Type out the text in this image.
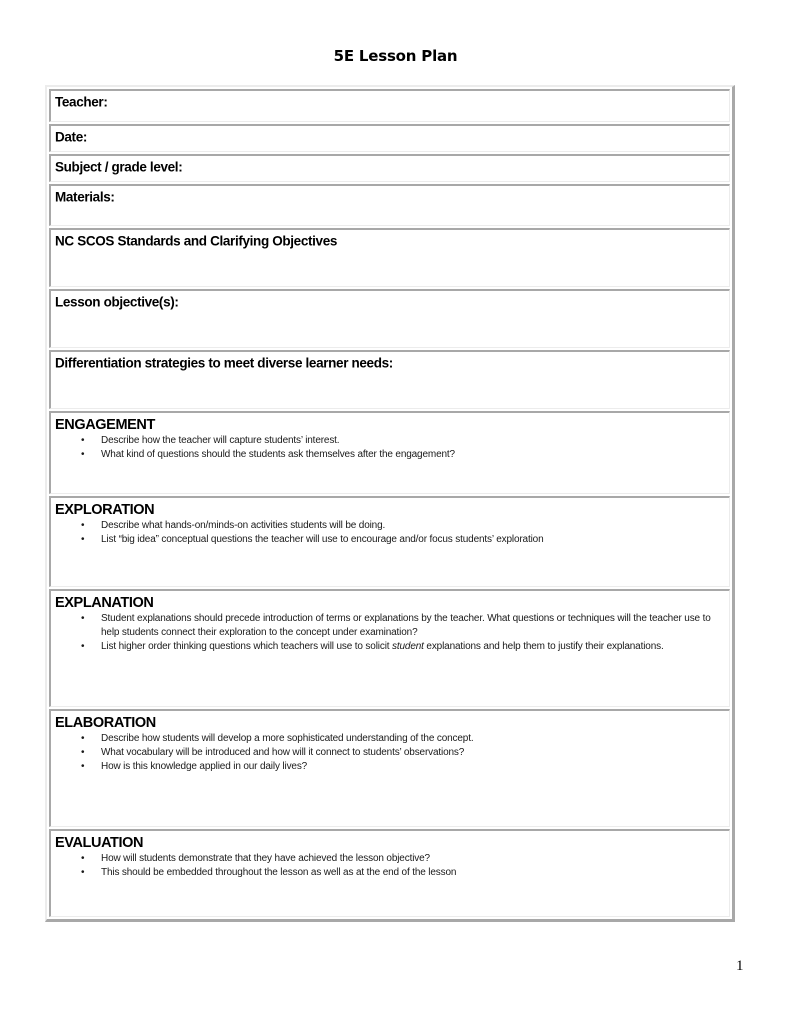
5E Lesson Plan
Teacher:
Date:
Subject / grade level:
Materials:
NC SCOS Standards and Clarifying Objectives
Lesson objective(s):
Differentiation strategies to meet diverse learner needs:
ENGAGEMENT
• Describe how the teacher will capture students’ interest.
• What kind of questions should the students ask themselves after the engagement?
EXPLORATION
• Describe what hands-on/minds-on activities students will be doing.
• List “big idea” conceptual questions the teacher will use to encourage and/or focus students’ exploration
EXPLANATION
• Student explanations should precede introduction of terms or explanations by the teacher. What questions or techniques will the teacher use to help students connect their exploration to the concept under examination?
• List higher order thinking questions which teachers will use to solicit student explanations and help them to justify their explanations.
ELABORATION
• Describe how students will develop a more sophisticated understanding of the concept.
• What vocabulary will be introduced and how will it connect to students’ observations?
• How is this knowledge applied in our daily lives?
EVALUATION
• How will students demonstrate that they have achieved the lesson objective?
• This should be embedded throughout the lesson as well as at the end of the lesson
1
